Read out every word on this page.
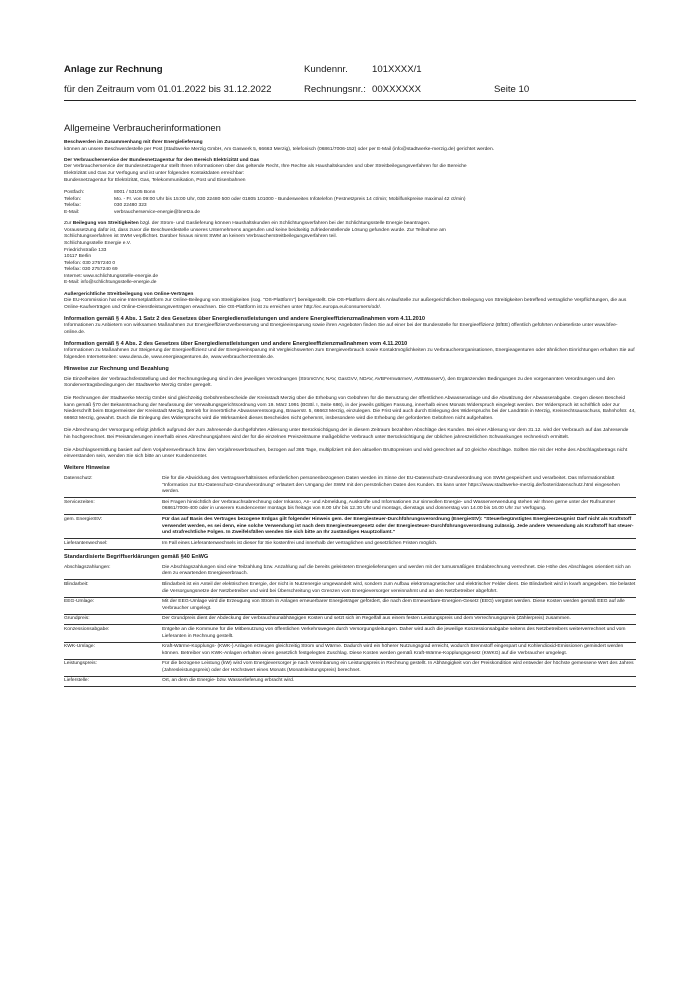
Anlage zur Rechnung
für den Zeitraum vom 01.01.2022 bis 31.12.2022
Kundennr.	101XXXX/1
Rechnungsnr.: 00XXXXXX	Seite 10
Allgemeine Verbraucherinformationen
Beschwerden im Zusammenhang mit Ihrer Energielieferung

können an unsere Beschwerdestelle per Post (Stadtwerke Merzig GmbH, Am Gaswerk 5, 66663 Merzig), telefonisch (06861/7006-152) oder per E-Mail (info@stadtwerke-merzig.de) gerichtet werden.

Der Verbraucherservice der Bundesnetzagentur für den Bereich Elektrizität und Gas

Der Verbraucherservice der Bundesnetzagentur stellt Ihnen Informationen über das geltende Recht, Ihre Rechte als Haushaltskunden und über Streitbeilegungsverfahren für die Bereiche

Elektrizität und Gas zur Verfügung und ist unter folgenden Kontaktdaten erreichbar:

Bundesnetzagentur für Elektrizität, Gas, Telekommunikation, Post und Eisenbahnen

Postfach:	8001 / 53105 Bonn
Telefon:	Mo. - Fr. von 09:00 Uhr bis 15:00 Uhr, 030 22480 500 oder 01805 101000 - Bundesweites Infotelefon (Festnetzpreis 14 ct/min; Mobilfunkpreise maximal 42 ct/min)
Telefax:	030 22480 323
E-Mail:	verbraucherservice-energie@bnetza.de

Zur Beilegung von Streitigkeiten bzgl. der Strom- und Gaslieferung können Haushaltskunden ein Schlichtungsverfahren bei der Schlichtungsstelle Energie beantragen.

Voraussetzung dafür ist, dass zuvor die Beschwerdestelle unseres Unternehmens angerufen und keine beidseitig zufriedenstellende Lösung gefunden wurde. Zur Teilnahme am

Schlichtungsverfahren ist SWM verpflichtet. Darüber hinaus nimmt SWM an keinem Verbraucherstreitbeilegungsverfahren teil.

Schlichtungsstelle Energie e.V.

Friedrichstraße 133

10117 Berlin

Telefon: 030 2757240 0

Telefax: 030 2757240 69

Internet: www.schlichtungsstelle-energie.de

E-Mail: info@schlichtungsstelle-energie.de

Außergerichtliche Streitbeilegung von Online-Verträgen

Die EU-Kommission hat eine Internetplattform zur Online-Beilegung von Streitigkeiten (sog. "OS-Plattform") bereitgestellt. Die OS-Plattform dient als Anlaufstelle zur außergerichtlichen Beilegung von Streitigkeiten betreffend vertragliche Verpflichtungen, die aus Online-Kaufverträgen und Online-Dienstleistungsverträgen erwachsen. Die OS-Plattform ist zu erreichen unter http://ec.europa.eu/consumers/odr/.

Information gemäß § 4 Abs. 1 Satz 2 des Gesetzes über Energiedienstleistungen und andere Energieeffizienzmaßnahmen vom 4.11.2010

Informationen zu Anbietern von wirksamen Maßnahmen zur Energieeffizienzverbesserung und Energieeinsparung sowie ihren Angeboten finden Sie auf einer bei der Bundesstelle für Energieeffizienz (BfEE) öffentlich geführten Anbieterliste unter www.bfee-online.de.

Information gemäß § 4 Abs. 2 des Gesetzes über Energiedienstleistungen und andere Energieeffizienzmaßnahmen vom 4.11.2010

Informationen zu Maßnahmen zur Steigerung der Energieeffizienz und der Energieeinsparung mit Vergleichswerten zum Energieverbrauch sowie Kontaktmöglichkeiten zu Verbraucherorganisationen, Energieagenturen oder ähnlichen Einrichtungen erhalten Sie auf folgenden Internetseiten: www.dena.de, www.energieagenturen.de, www.verbraucherzentrale.de.

Hinweise zur Rechnung und Bezahlung

Die Einzelheiten der Verbrauchsfeststellung und der Rechnungslegung sind in den jeweiligen Verordnungen (StromGVV, NAV, GasGVV, NDAV, AVBFernwärmeV, AVBWasserV), den Ergänzenden Bedingungen zu den vorgenannten Verordnungen und den Sondervertragsbedingungen der Stadtwerke Merzig GmbH geregelt.

Die Rechnungen der Stadtwerke Merzig GmbH sind gleichzeitig Gebührenbescheide der Kreisstadt Merzig über die Erhebung von Gebühren für die Benutzung der öffentlichen Abwasseranlage und die Abwälzung der Abwasserabgabe. Gegen diesen Bescheid kann gemäß §70 der Bekanntmachung der Neufassung der Verwaltungsgerichtsordnung vom 19. März 1991 (BGBl. I, Seite 686), in der jeweils gültigen Fassung, innerhalb eines Monats Widerspruch eingelegt werden. Der Widerspruch ist schriftlich oder zur Niederschrift beim Bürgermeister der Kreisstadt Merzig, Betrieb für innerörtliche Abwasserentsorgung, Brauerstr. 5, 66663 Merzig, einzulegen. Die Frist wird auch durch Einlegung des Widerspruchs bei der Landrätin in Merzig, Kreisrechtsausschuss, Bahnhofstr. 44, 66663 Merzig, gewahrt. Durch die Einlegung des Widerspruchs wird die Wirksamkeit dieses Bescheides nicht gehemmt, insbesondere wird die Erhebung der geforderten Gebühren nicht aufgehalten.

Die Abrechnung der Versorgung erfolgt jährlich aufgrund der zum Jahresende durchgeführten Ablesung unter Berücksichtigung der in diesem Zeitraum bezahlten Abschläge des Kunden. Bei einer Ablesung vor dem 31.12. wird der Verbrauch auf das Jahresende hin hochgerechnet. Bei Preisänderungen innerhalb eines Abrechnungsjahres wird der für die einzelnen Preiszeiträume maßgebliche Verbrauch unter Berücksichtigung der üblichen jahreszeitlichen Schwankungen rechnerisch ermittelt.

Die Abschlagsermittlung basiert auf dem Vorjahresverbrauch bzw. den Vorjahresverbräuchen, bezogen auf 365 Tage, multipliziert mit den aktuellen Bruttopreisen und wird gerechnet auf 10 gleiche Abschläge. Sollten Sie mit der Höhe des Abschlagsbetrags nicht einverstanden sein, wenden Sie sich bitte an unser Kundencenter.

Weitere Hinweise
Datenschutz:	Die für die Abwicklung des Vertragsverhältnisses erforderlichen personenbezogenen Daten werden im Sinne der EU-Datenschutz-Grundverordnung von SWM gespeichert und verarbeitet. Das Informationsblatt "Information zur EU-Datenschutz-Grundverordnung" erläutert den Umgang der SWM mit den persönlichen Daten des Kunden. Es kann unter https://www.stadtwerke-merzig.de/footer/datenschutz.html eingesehen werden.
Servicezeiten:	Bei Fragen hinsichtlich der Verbrauchsabrechnung oder Inkasso, An- und Abmeldung, Auskünfte und Informationen zur sinnvollen Energie- und Wasserverwendung stehen wir Ihnen gerne unter der Rufnummer 06861/7006-400 oder in unserem Kundencenter montags bis freitags von 8.00 Uhr bis 12.30 Uhr und montags, dienstags und donnerstag von 14.00 bis 16.00 Uhr zur Verfügung.
gem. EnergieStV:	Für das auf Basis des Vertrages bezogene Erdgas gilt folgender Hinweis gem. der Energiesteuer-Durchführungsverordnung (EnergieStV): "Steuerbegünstigtes Energieerzeugnis! Darf nicht als Kraftstoff verwendet werden, es sei denn, eine solche Verwendung ist nach dem Energiesteuergesetz oder der Energiesteuer-Durchführungsverordnung zulässig. Jede andere Verwendung als Kraftstoff hat steuer- und strafrechtliche Folgen. In Zweifelsfällen wenden Sie sich bitte an Ihr zuständiges Hauptzollamt."
Lieferantenwechsel:	Im Fall eines Lieferantenwechsels ist dieser für Sie kostenfrei und innerhalb der vertraglichen und gesetzlichen Fristen möglich.
Standardisierte Begriffserklärungen gemäß §40 EnWG
Abschlagszahlungen:	Die Abschlagszahlungen sind eine Teilzahlung bzw. Anzahlung auf die bereits geleisteten Energielieferungen und werden mit der turnusmäßigen Endabrechnung verrechnet. Die Höhe des Abschlages orientiert sich an dem zu erwartenden Energieverbrauch.
Blindarbeit:	Blindarbeit ist ein Anteil der elektrischen Energie, der nicht in Nutzenergie umgewandelt wird, sondern zum Aufbau elektromagnetischer und elektrischer Felder dient. Die Blindarbeit wird in kvarh angegeben. Sie belastet die Versorgungsnetze der Netzbetreiber und wird bei Überschreitung von Grenzen vom Energieversorger vereinnahmt und an den Netzbetreiber abgeführt.
EEG-Umlage:	Mit der EEG-Umlage wird die Erzeugung von Strom in Anlagen erneuerbarer Energieträger gefördert, die nach dem Erneuerbare-Energien-Gesetz (EEG) vergütet werden. Diese Kosten werden gemäß EEG auf alle Verbraucher umgelegt.
Grundpreis:	Der Grundpreis dient der Abdeckung der verbrauchsunabhängigen Kosten und setzt sich im Regelfall aus einem festen Leistungspreis und dem Verrechnungspreis (Zählerpreis) zusammen.
Konzessionsabgabe:	Entgelte an die Kommune für die Mitbenutzung von öffentlichen Verkehrswegen durch Versorgungsleitungen. Daher wird auch die jeweilige Konzessionsabgabe seitens des Netzbetreibers weiterverrechnet und vom Lieferanten in Rechnung gestellt.
KWK-Umlage:	Kraft-Wärme-Kopplungs- (KWK-) Anlagen erzeugen gleichzeitig Strom und Wärme. Dadurch wird ein höherer Nutzungsgrad erreicht, wodurch Brennstoff eingespart und Kohlendioxid-Emissionen gemindert werden können. Betreiber von KWK-Anlagen erhalten einen gesetzlich festgelegten Zuschlag. Diese Kosten werden gemäß Kraft-Wärme-Kopplungsgesetz (KWKG) auf die Verbraucher umgelegt.
Leistungspreis:	Für die bezogene Leistung (kW) wird vom Energieversorger je nach Vereinbarung ein Leistungspreis in Rechnung gestellt. In Abhängigkeit von der Preiskondition wird entweder der höchste gemessene Wert des Jahres (Jahresleistungspreis) oder der Höchstwert eines Monats (Monatsleistungspreis) berechnet.
Lieferstelle:	Ort, an dem die Energie- bzw. Wasserlieferung erbracht wird.
